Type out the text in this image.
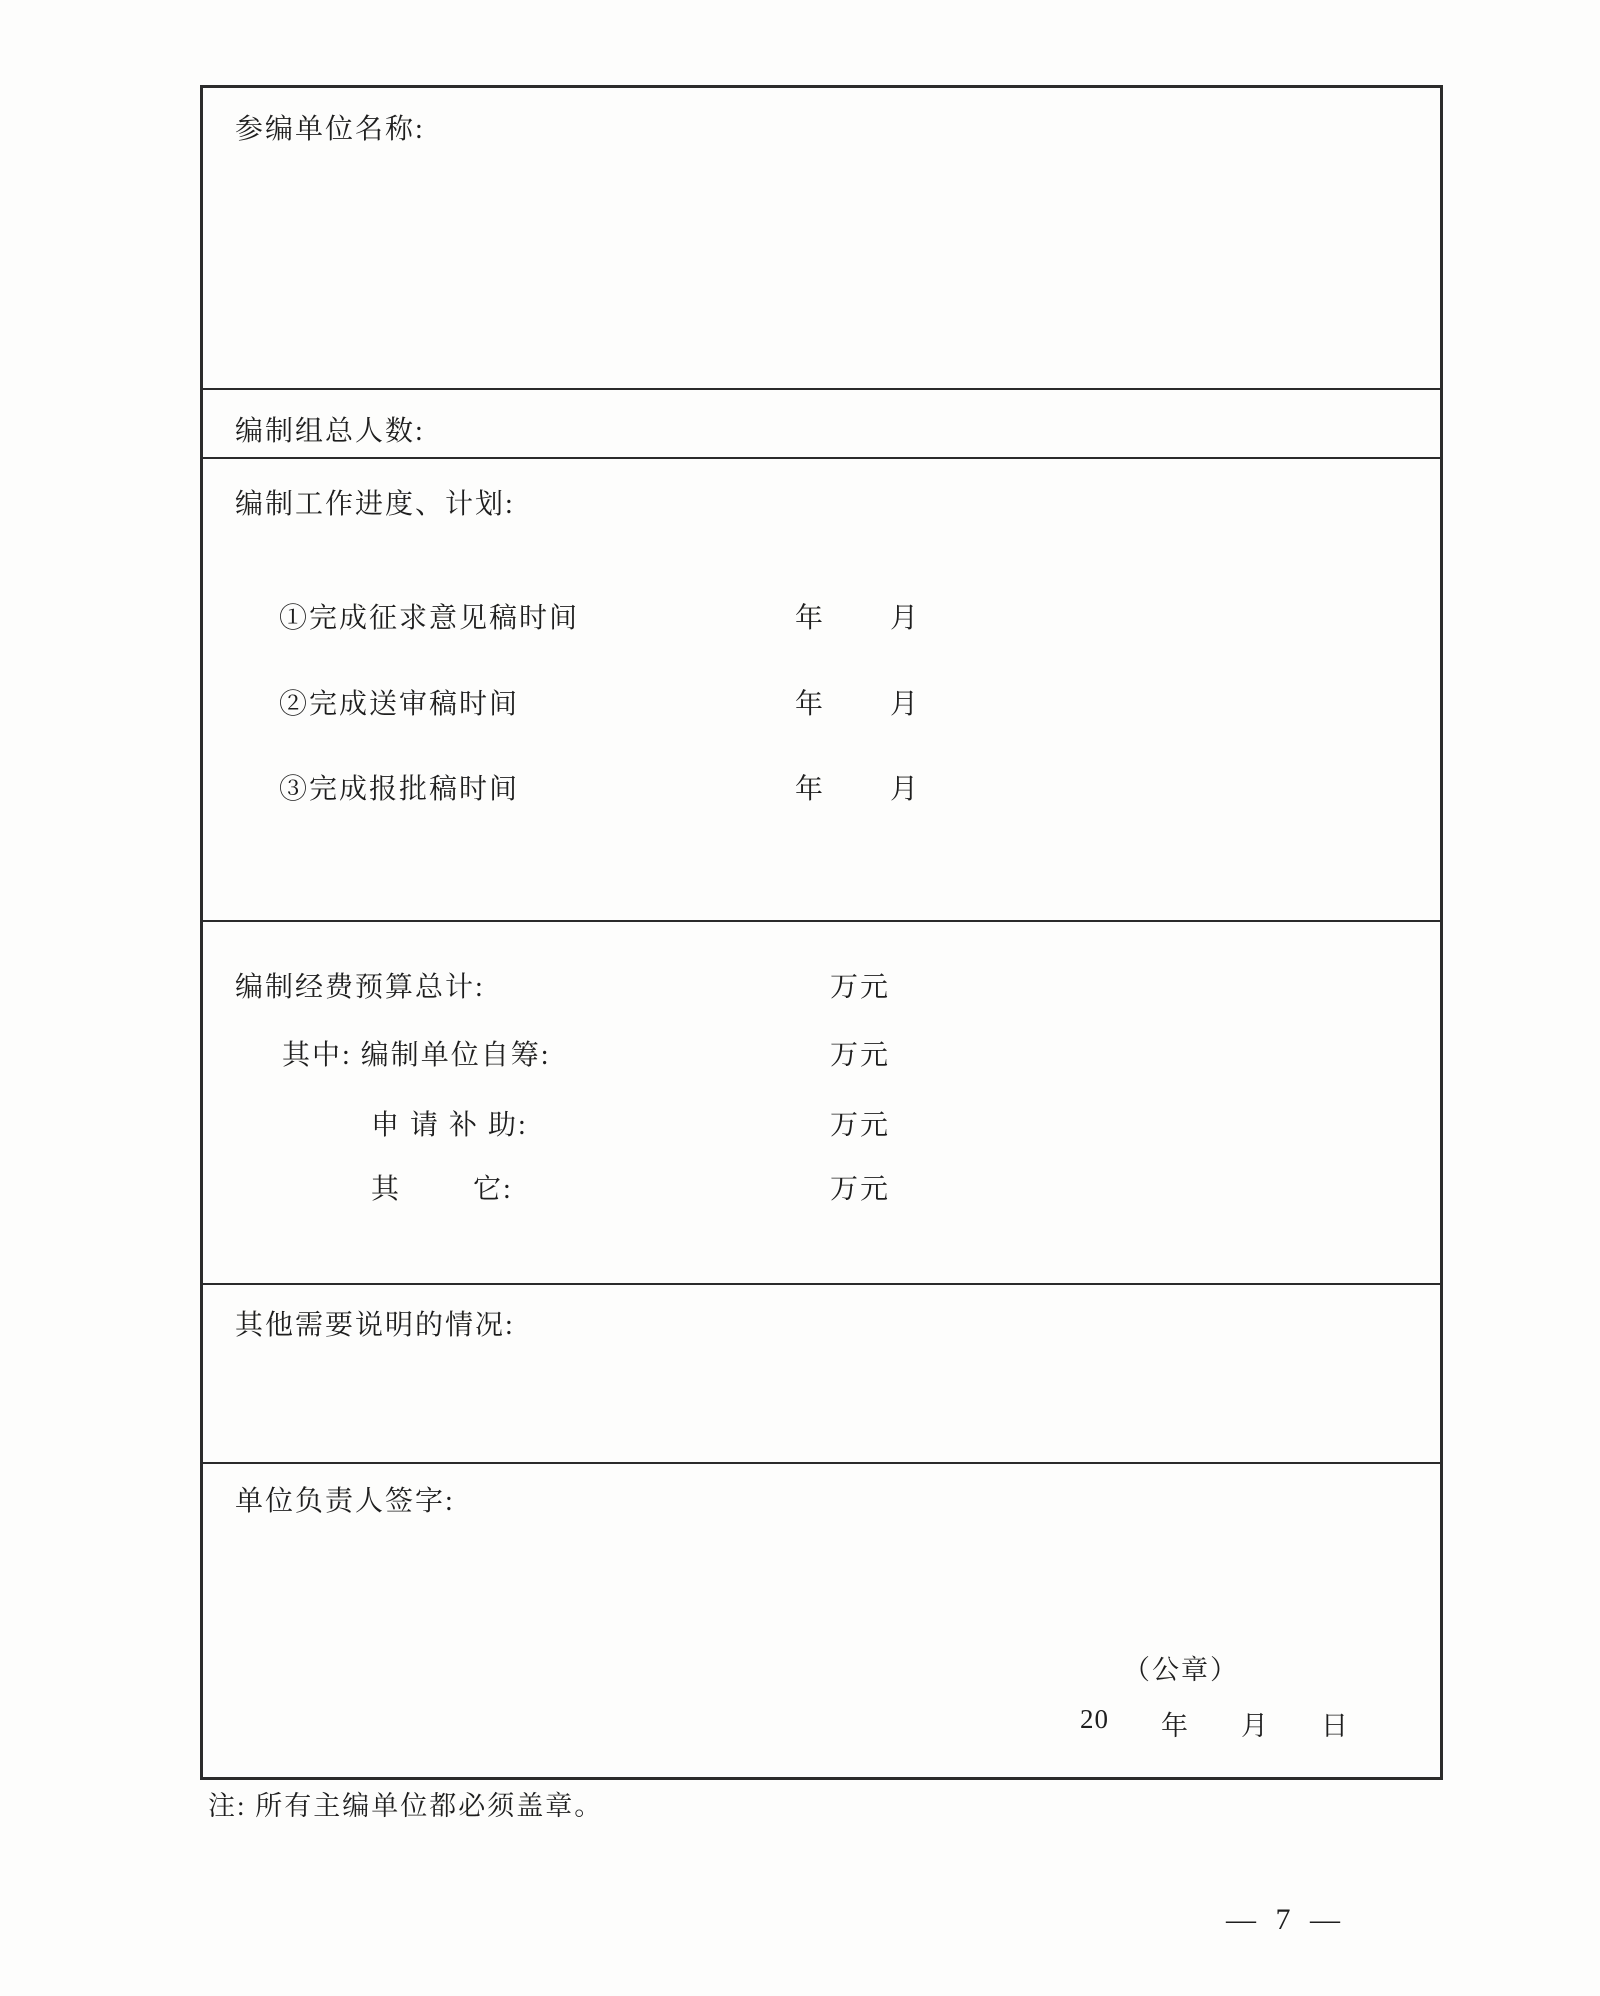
参编单位名称:
编制组总人数:
编制工作进度、计划:
①完成征求意见稿时间	年 月
②完成送审稿时间	年 月
③完成报批稿时间	年 月
编制经费预算总计:	万元
其中: 编制单位自筹:	万元
申 请 补 助:	万元
其        它:	万元
其他需要说明的情况:
单位负责人签字:
（公章）
20 年 月 日
注: 所有主编单位都必须盖章。
— 7 —
